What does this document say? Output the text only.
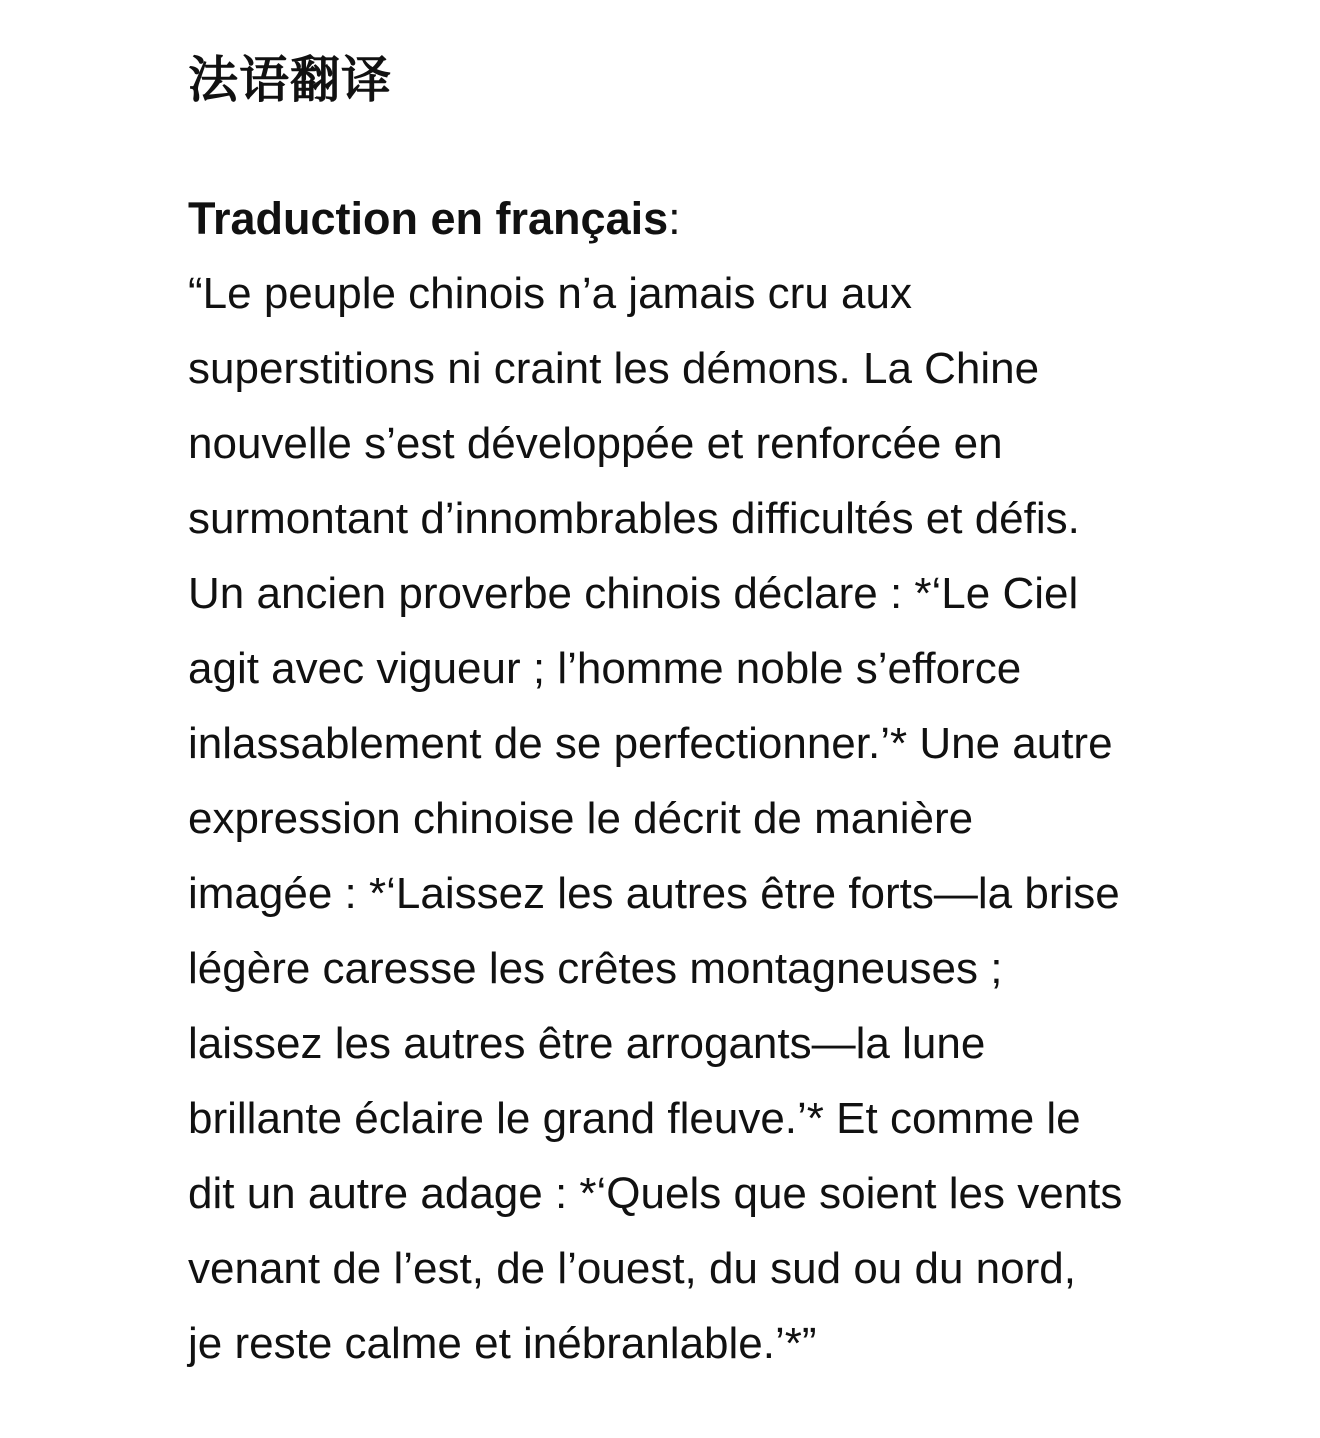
法语翻译
Traduction en français:
“Le peuple chinois n’a jamais cru aux
superstitions ni craint les démons. La Chine
nouvelle s’est développée et renforcée en
surmontant d’innombrables difficultés et défis.
Un ancien proverbe chinois déclare : *‘Le Ciel
agit avec vigueur ; l’homme noble s’efforce
inlassablement de se perfectionner.’* Une autre
expression chinoise le décrit de manière
imagée : *‘Laissez les autres être forts—la brise
légère caresse les crêtes montagneuses ;
laissez les autres être arrogants—la lune
brillante éclaire le grand fleuve.’* Et comme le
dit un autre adage : *‘Quels que soient les vents
venant de l’est, de l’ouest, du sud ou du nord,
je reste calme et inébranlable.’*”
